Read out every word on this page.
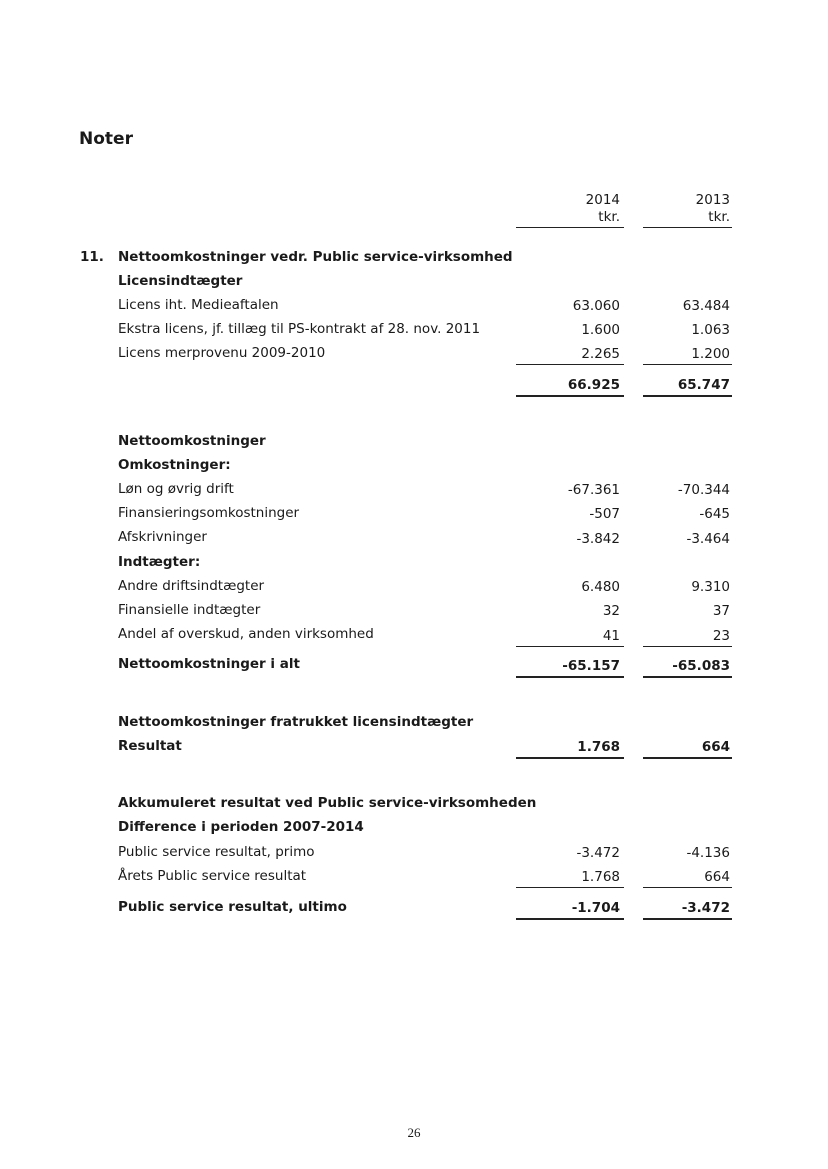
Noter
2014	2013
tkr.	tkr.
11. Nettoomkostninger vedr. Public service-virksomhed
Licensindtægter
Licens iht. Medieaftalen	63.060	63.484
Ekstra licens, jf. tillæg til PS-kontrakt af 28. nov. 2011	1.600	1.063
Licens merprovenu 2009-2010	2.265	1.200
66.925	65.747
Nettoomkostninger
Omkostninger:
Løn og øvrig drift	-67.361	-70.344
Finansieringsomkostninger	-507	-645
Afskrivninger	-3.842	-3.464
Indtægter:
Andre driftsindtægter	6.480	9.310
Finansielle indtægter	32	37
Andel af overskud, anden virksomhed	41	23
Nettoomkostninger i alt	-65.157	-65.083
Nettoomkostninger fratrukket licensindtægter
Resultat	1.768	664
Akkumuleret resultat ved Public service-virksomheden
Difference i perioden 2007-2014
Public service resultat, primo	-3.472	-4.136
Årets Public service resultat	1.768	664
Public service resultat, ultimo	-1.704	-3.472
26
